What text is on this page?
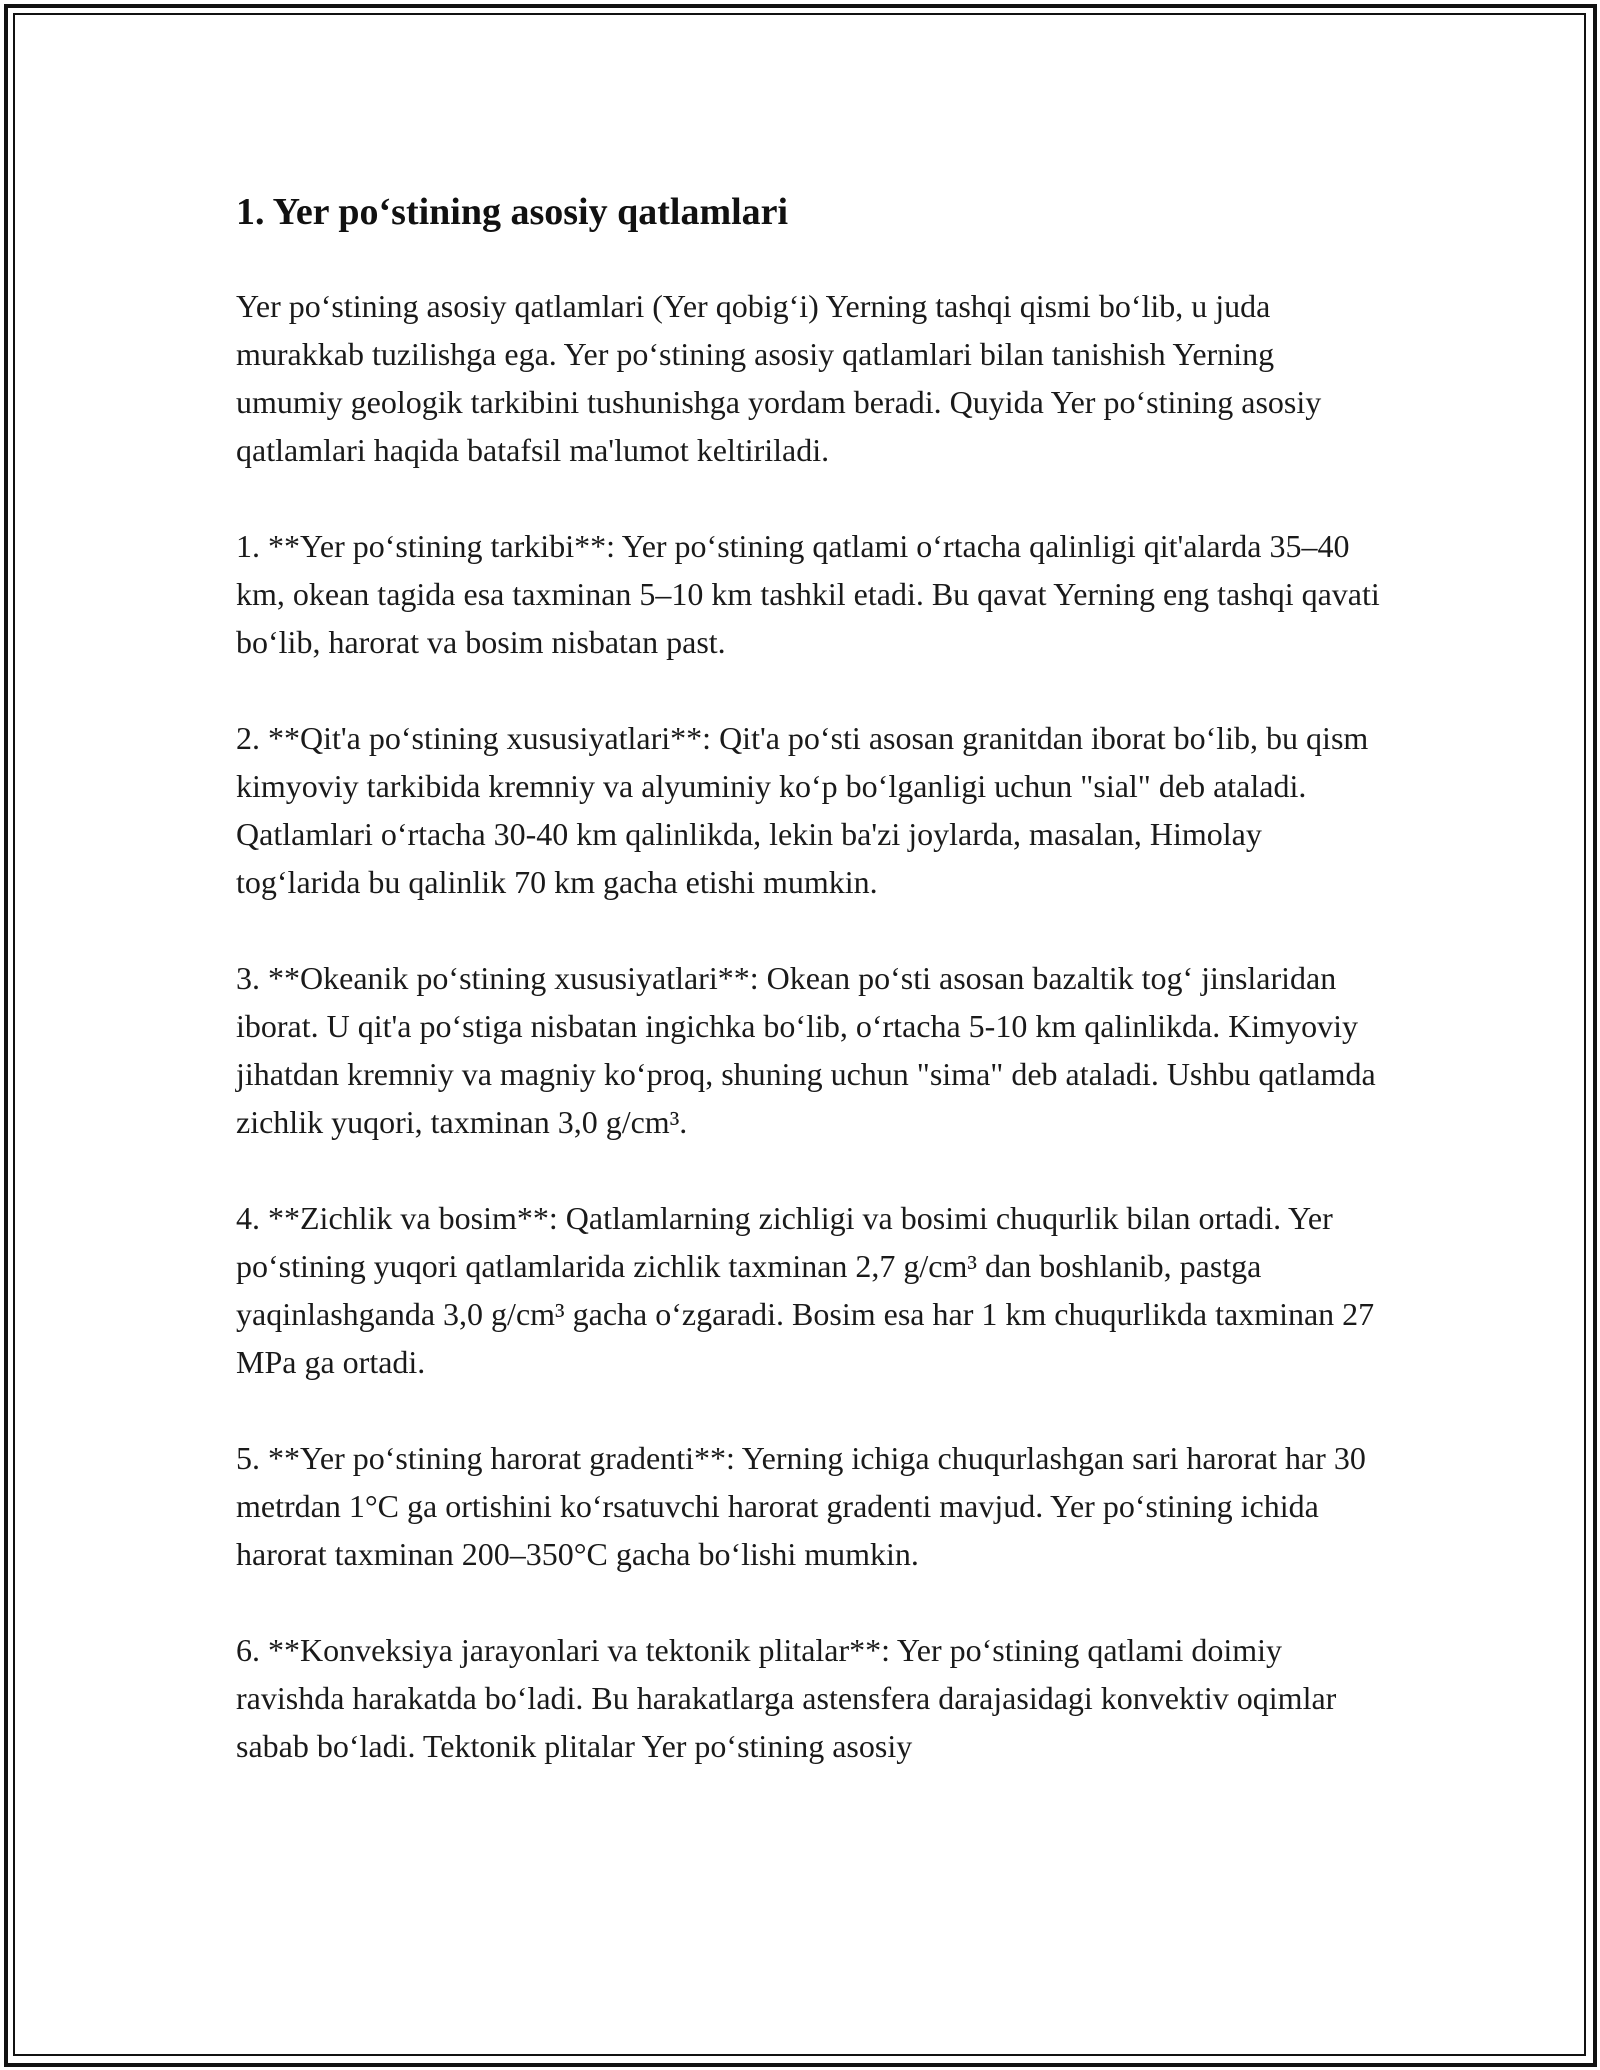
1. Yer po‘stining asosiy qatlamlari

Yer po‘stining asosiy qatlamlari (Yer qobig‘i) Yerning tashqi qismi bo‘lib, u juda murakkab tuzilishga ega. Yer po‘stining asosiy qatlamlari bilan tanishish Yerning umumiy geologik tarkibini tushunishga yordam beradi. Quyida Yer po‘stining asosiy qatlamlari haqida batafsil ma'lumot keltiriladi.

1. **Yer po‘stining tarkibi**: Yer po‘stining qatlami o‘rtacha qalinligi qit'alarda 35–40 km, okean tagida esa taxminan 5–10 km tashkil etadi. Bu qavat Yerning eng tashqi qavati bo‘lib, harorat va bosim nisbatan past.

2. **Qit'a po‘stining xususiyatlari**: Qit'a po‘sti asosan granitdan iborat bo‘lib, bu qism kimyoviy tarkibida kremniy va alyuminiy ko‘p bo‘lganligi uchun "sial" deb ataladi. Qatlamlari o‘rtacha 30-40 km qalinlikda, lekin ba'zi joylarda, masalan, Himolay tog‘larida bu qalinlik 70 km gacha etishi mumkin.

3. **Okeanik po‘stining xususiyatlari**: Okean po‘sti asosan bazaltik tog‘ jinslaridan iborat. U qit'a po‘stiga nisbatan ingichka bo‘lib, o‘rtacha 5-10 km qalinlikda. Kimyoviy jihatdan kremniy va magniy ko‘proq, shuning uchun "sima" deb ataladi. Ushbu qatlamda zichlik yuqori, taxminan 3,0 g/cm³.

4. **Zichlik va bosim**: Qatlamlarning zichligi va bosimi chuqurlik bilan ortadi. Yer po‘stining yuqori qatlamlarida zichlik taxminan 2,7 g/cm³ dan boshlanib, pastga yaqinlashganda 3,0 g/cm³ gacha o‘zgaradi. Bosim esa har 1 km chuqurlikda taxminan 27 MPa ga ortadi.

5. **Yer po‘stining harorat gradenti**: Yerning ichiga chuqurlashgan sari harorat har 30 metrdan 1°C ga ortishini ko‘rsatuvchi harorat gradenti mavjud. Yer po‘stining ichida harorat taxminan 200–350°C gacha bo‘lishi mumkin.

6. **Konveksiya jarayonlari va tektonik plitalar**: Yer po‘stining qatlami doimiy ravishda harakatda bo‘ladi. Bu harakatlarga astensfera darajasidagi konvektiv oqimlar sabab bo‘ladi. Tektonik plitalar Yer po‘stining asosiy
